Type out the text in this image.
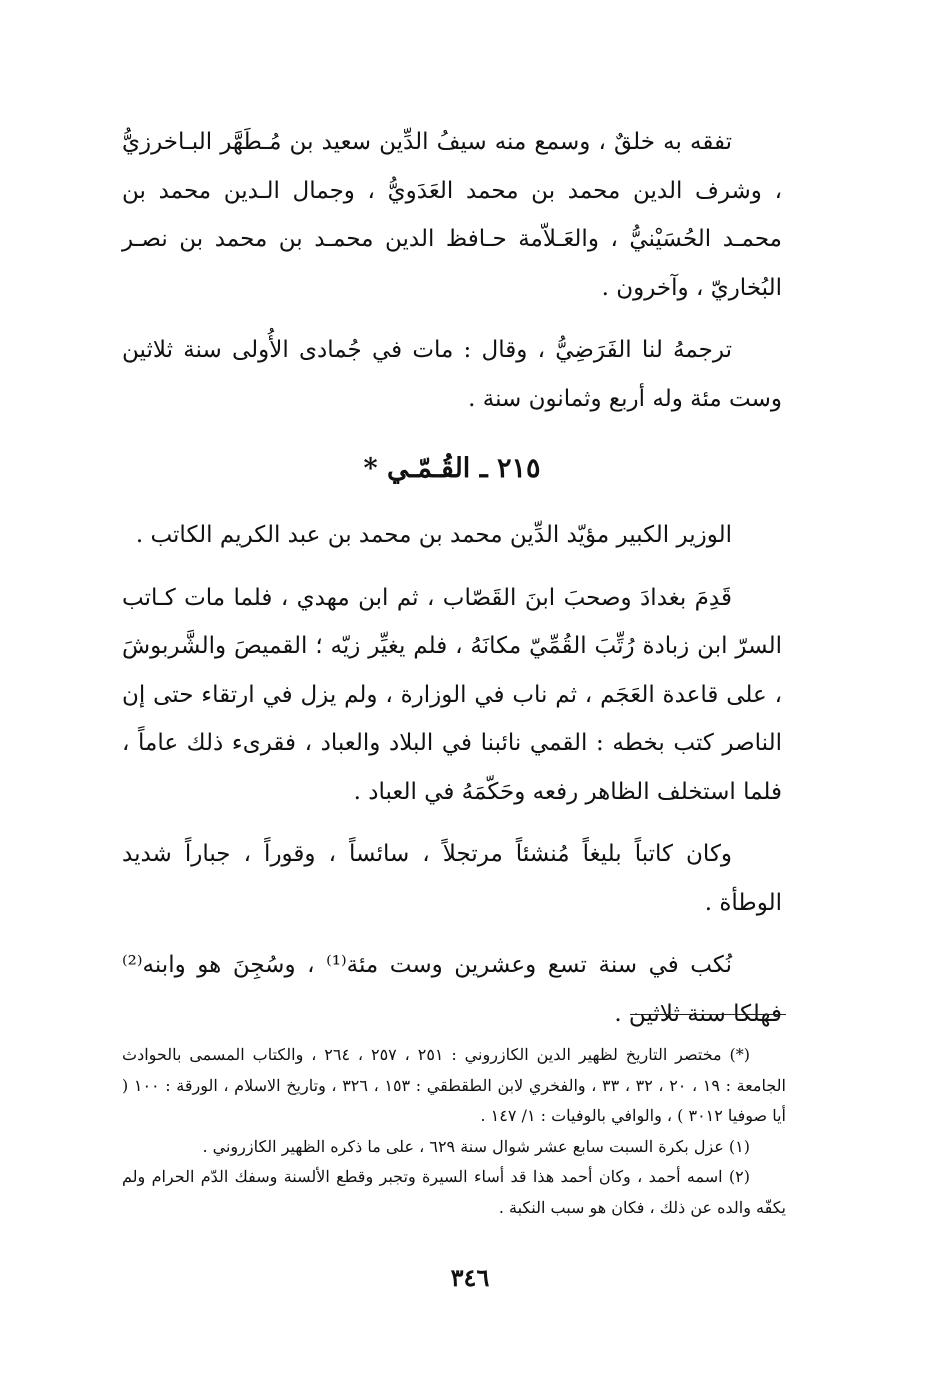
تفقه به خلقٌ ، وسمع منه سيفُ الدِّين سعيد بن مُـطَهَّر البـاخرزيُّ ، وشرف الدين محمد بن محمد العَدَويُّ ، وجمال الـدين محمد بن محمـد الحُسَيْنيُّ ، والعَـلاّمة حـافظ الدين محمـد بن محمد بن نصـر البُخاريّ ، وآخرون .

ترجمهُ لنا الفَرَضِيُّ ، وقال : مات في جُمادى الأُولى سنة ثلاثين وست مئة وله أربع وثمانون سنة .

٢١٥ ـ القُـمّـي *

الوزير الكبير مؤيّد الدِّين محمد بن محمد بن عبد الكريم الكاتب .

قَدِمَ بغدادَ وصحبَ ابنَ القَصّاب ، ثم ابن مهدي ، فلما مات كـاتب السرّ ابن زبادة رُتِّبَ القُمِّيّ مكانَهُ ، فلم يغيِّر زيّه ؛ القميصَ والشَّربوشَ ، على قاعدة العَجَم ، ثم ناب في الوزارة ، ولم يزل في ارتقاء حتى إن الناصر كتب بخطه : القمي نائبنا في البلاد والعباد ، فقرىء ذلك عاماً ، فلما استخلف الظاهر رفعه وحَكّمَهُ في العباد .

وكان كاتباً بليغاً مُنشئاً مرتجلاً ، سائساً ، وقوراً ، جباراً شديد الوطأة .

نُكب في سنة تسع وعشرين وست مئة⁽¹⁾ ، وسُجِنَ هو وابنه⁽²⁾ فهلكا سنة ثلاثين .

(*) مختصر التاريخ لظهير الدين الكازروني : ٢٥١ ، ٢٥٧ ، ٢٦٤ ، والكتاب المسمى بالحوادث الجامعة : ١٩ ، ٢٠ ، ٣٢ ، ٣٣ ، والفخري لابن الطقطقي : ١٥٣ ، ٣٢٦ ، وتاريخ الاسلام ، الورقة : ١٠٠ ( أيا صوفيا ٣٠١٢ ) ، والوافي بالوفيات : ١/ ١٤٧ .

(١) عزل بكرة السبت سابع عشر شوال سنة ٦٢٩ ، على ما ذكره الظهير الكازروني .

(٢) اسمه أحمد ، وكان أحمد هذا قد أساء السيرة وتجبر وقطع الألسنة وسفك الدّم الحرام ولم يكفّه والده عن ذلك ، فكان هو سبب النكبة .

٣٤٦
